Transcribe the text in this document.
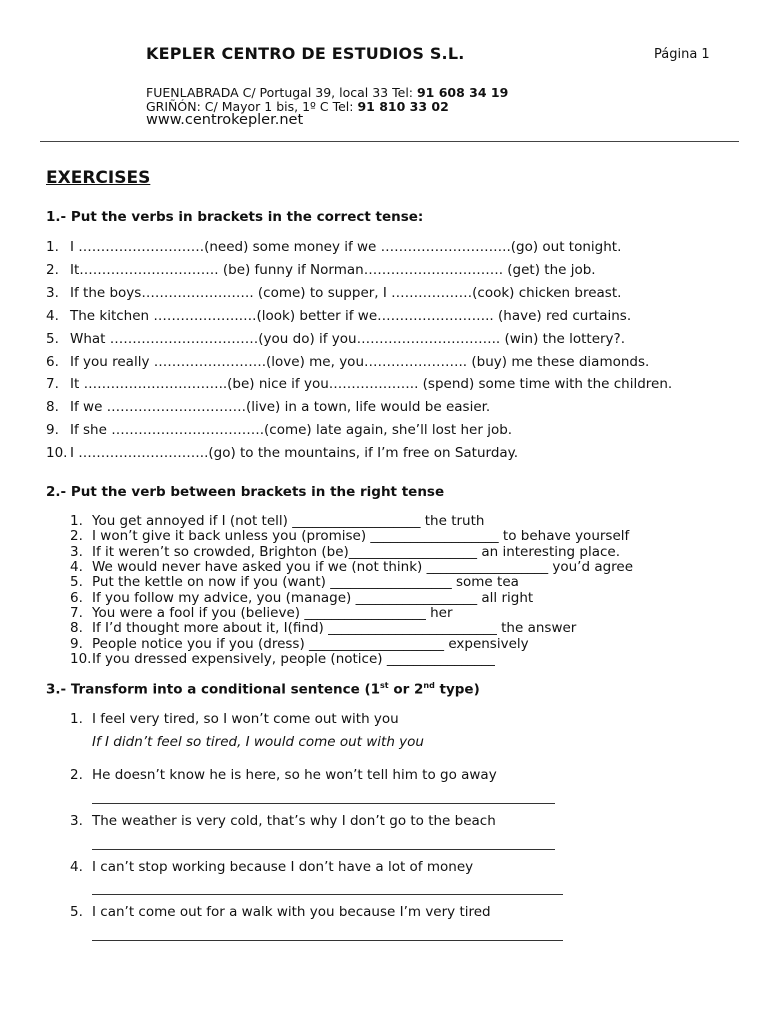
KEPLER CENTRO DE ESTUDIOS S.L.	Página 1
FUENLABRADA C/ Portugal 39, local 33 Tel: 91 608 34 19
GRIÑÓN: C/ Mayor 1 bis, 1º C Tel: 91 810 33 02
www.centrokepler.net
EXERCISES
1.- Put the verbs in brackets in the correct tense:
1. I ……………………….(need) some money if we ………………………..(go) out tonight.
2. It…………………………. (be) funny if Norman…………………………. (get) the job.
3. If the boys……………………. (come) to supper, I ………………(cook) chicken breast.
4. The kitchen ……………….….(look) better if we…………………….. (have) red curtains.
5. What ……………………………(you do) if you………………………….. (win) the lottery?.
6. If you really …………………….(love) me, you………………….. (buy) me these diamonds.
7. It …………………………..(be) nice if you……………….. (spend) some time with the children.
8. If we ………………………….(live) in a town, life would be easier.
9. If she …………………………….(come) late again, she’ll lost her job.
10. I ………………………..(go) to the mountains, if I’m free on Saturday.
2.- Put the verb between brackets in the right tense
1. You get annoyed if I (not tell) ___________________ the truth
2. I won’t give it back unless you (promise) ___________________ to behave yourself
3. If it weren’t so crowded, Brighton (be)___________________ an interesting place.
4. We would never have asked you if we (not think) __________________ you’d agree
5. Put the kettle on now if you (want) __________________ some tea
6. If you follow my advice, you (manage) __________________ all right
7. You were a fool if you (believe) __________________ her
8. If I’d thought more about it, I(find) _________________________ the answer
9. People notice you if you (dress) ____________________ expensively
10.If you dressed expensively, people (notice) ________________
3.- Transform into a conditional sentence (1st or 2nd type)
1. I feel very tired, so I won’t come out with you
If I didn’t feel so tired, I would come out with you
2. He doesn’t know he is here, so he won’t tell him to go away
3. The weather is very cold, that’s why I don’t go to the beach
4. I can’t stop working because I don’t have a lot of money
5. I can’t come out for a walk with you because I’m very tired
